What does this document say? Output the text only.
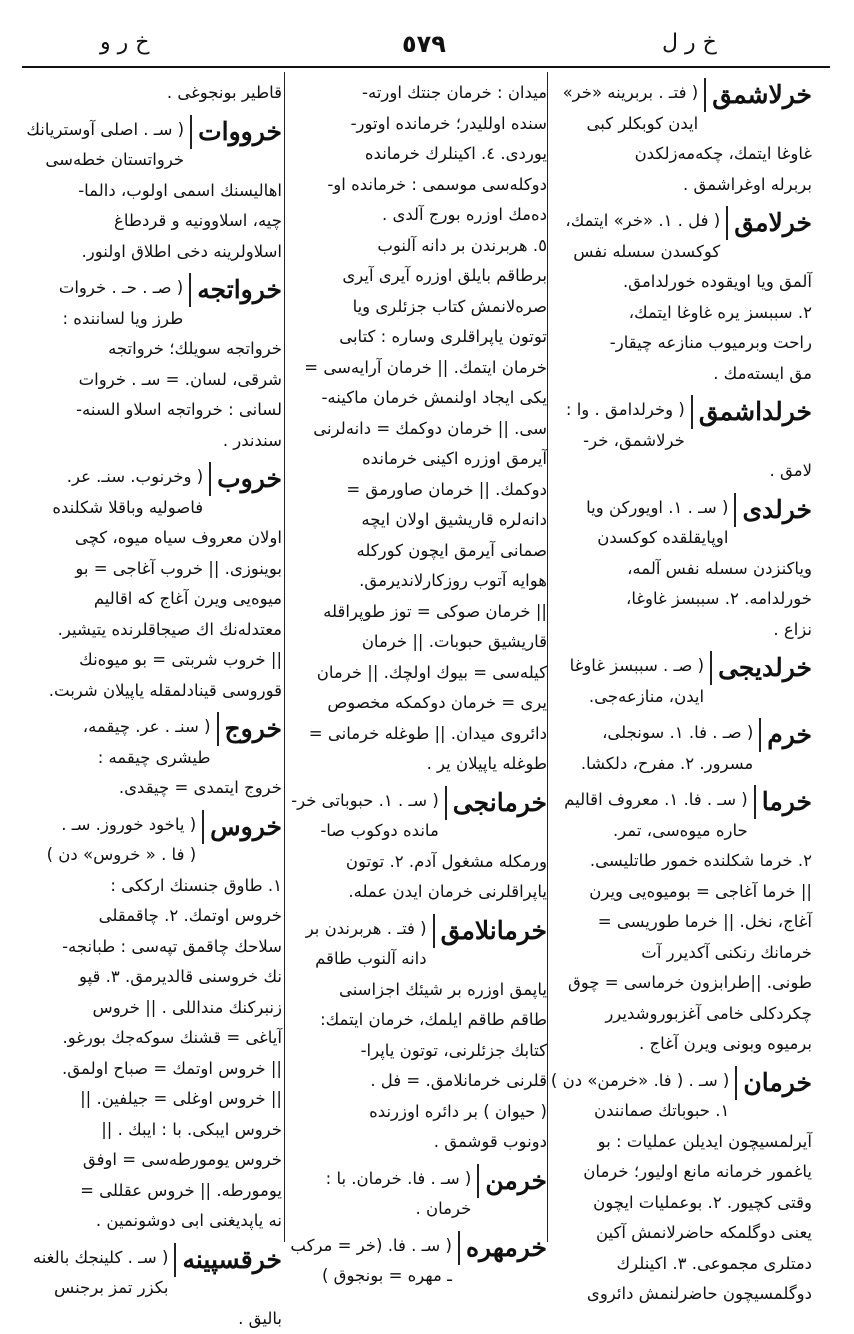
خ ر و	٥٧٩	خ ر ل
خرلاشمق
( فتـ . بربرینه «خر»
ایدن کوبکلر کبی
غاوغا ایتمك، چکه‌مه‌زلکدن
بربرله اوغراشمق .
خرلامق
( فل . ۱. «خر» ایتمك،
کوکسدن سسله نفس
آلمق ویا اویقوده خورلدامق.
۲. سببسز یره غاوغا ایتمك،
راحت وبرمیوب منازعه چیقار-
مق ایسته‌مك .
خرلداشمق
( وخرلدامق . وا :
خرلاشمق، خر-
لامق .
خرلدی
( سـ . ۱. اویورکن ویا
اوپایقلقده کوکسدن
ویاکنزدن سسله نفس آلمه،
خورلدامه. ۲. سببسز غاوغا،
نزاع .
خرلدیجی
( صـ . سببسز غاوغا
ایدن، منازعه‌جی.
خرم
( صـ . فا. ۱. سونجلی،
مسرور. ۲. مفرح، دلکشا.
خرما
( سـ . فا. ۱. معروف اقالیم
حاره میوه‌سی، تمر.
۲. خرما شکلنده خمور طاتلیسی.
|| خرما آغاجی = بومیوه‌یی ویرن
آغاج، نخل. || خرما طوریسی =
خرمانك رنکنی آکدیرر آت
طونی. ||طرابزون خرماسی = چوق
چکردکلی خامی آغزبوروشدیرر
برمیوه وبونی ویرن آغاج .
خرمان
( سـ . ( فا. «خرمن» دن )
۱. حبوباتك صمانندن
آیرلمسیچون ایدیلن عملیات : بو
یاغمور خرمانه مانع اولیور؛ خرمان
وقتی کچیور. ۲. بوعملیات ایچون
یعنی دوگلمکه حاضرلانمش آکین
دمتلری مجموعی. ۳. اکینلرك
دوگلمسیچون حاضرلنمش دائروی
میدان : خرمان جنتك اورته-
سنده اوللیدر؛ خرمانده اوتور-
یوردی. ٤. اکینلرك خرمانده
دوکله‌سی موسمی : خرمانده او-
ده‌مك اوزره بورج آلدی .
٥. هربرندن بر دانه آلنوب
برطاقم بایلق اوزره آیری آیری
صره‌لانمش کتاب جزئلری ویا
توتون یاپراقلری وساره : کتابی
خرمان ایتمك. || خرمان آرایه‌سی =
یکی ایجاد اولنمش خرمان ماکینه-
سی. || خرمان دوکمك = دانه‌لرنی
آیرمق اوزره اکینی خرمانده
دوکمك. || خرمان صاورمق =
دانه‌لره قاریشیق اولان ایچه
صمانی آیرمق ایچون کورکله
هوایه آتوب روزکارلاندیرمق.
|| خرمان صوکی = توز طوپراقله
قاریشیق حبوبات. || خرمان
کیله‌سی = بیوك اولچك. || خرمان
یری = خرمان دوکمکه مخصوص
دائروی میدان. || طوغله خرمانی =
طوغله یاپیلان یر .
خرمانجی
( سـ . ۱. حبوباتی خر-
مانده دوکوب صا-
ورمکله مشغول آدم. ۲. توتون
یاپراقلرنی خرمان ایدن عمله.
خرمانلامق
( فتـ . هربرندن بر
دانه آلنوب طاقم
یاپمق اوزره بر شیئك اجزاسنی
طاقم طاقم ایلمك، خرمان ایتمك:
کتابك جزئلرنی، توتون یاپرا-
قلرنی خرمانلامق. = فل .
( حیوان ) بر دائره اوزرنده
دونوب قوشمق .
خرمن
( سـ . فا. خرمان. با :
خرمان .
خرمهره
( سـ . فا. (خر = مرکب
ـ مهره = بونجوق )
قاطیر بونجوغی .
خرووات
( سـ . اصلی آوستریانك
خرواتستان خطه‌سی
اهالیسنك اسمی اولوب، دالما-
چیه، اسلاوونیه و قردطاغ
اسلاولرینه دخی اطلاق اولنور.
خرواتجه
( صـ . حـ . خروات
طرز ویا لساننده :
خرواتجه سویلك؛ خرواتجه
شرقی، لسان. = سـ . خروات
لسانی : خرواتجه اسلاو السنه-
سندندر .
خروب
( وخرنوب. سنـ. عر.
فاصولیه وباقلا شکلنده
اولان معروف سیاه میوه، کچی
بوینوزی. || خروب آغاجی = بو
میوه‌یی ویرن آغاج که اقالیم
معتدله‌نك اك صیجاقلرنده یتیشیر.
|| خروب شربتی = بو میوه‌نك
قوروسی قینادلمقله یاپیلان شربت.
خروج
( سنـ . عر. چیقمه،
طیشری چیقمه :
خروج ایتمدی = چیقدی.
خروس
( یاخود خوروز. سـ .
( فا . « خروس» دن )
۱. طاوق جنسنك ارککی :
خروس اوتمك. ۲. چاقمقلی
سلاحك چاقمق تپه‌سی : طبانجه-
نك خروسنی قالدیرمق. ۳. قپو
زنبرکنك منداللی . || خروس
آیاغی = قشنك سوکه‌جك بورغو.
|| خروس اوتمك = صباح اولمق.
|| خروس اوغلی = جیلفین. ||
خروس ایبکی. با : ایبك . ||
خروس یومورطه‌سی = اوفق
یومورطه. || خروس عقللی =
نه یاپدیغنی ابی دوشونمین .
خرقسپینه
( سـ . کلینجك بالغنه
بکزر تمز برجنس
بالیق .
